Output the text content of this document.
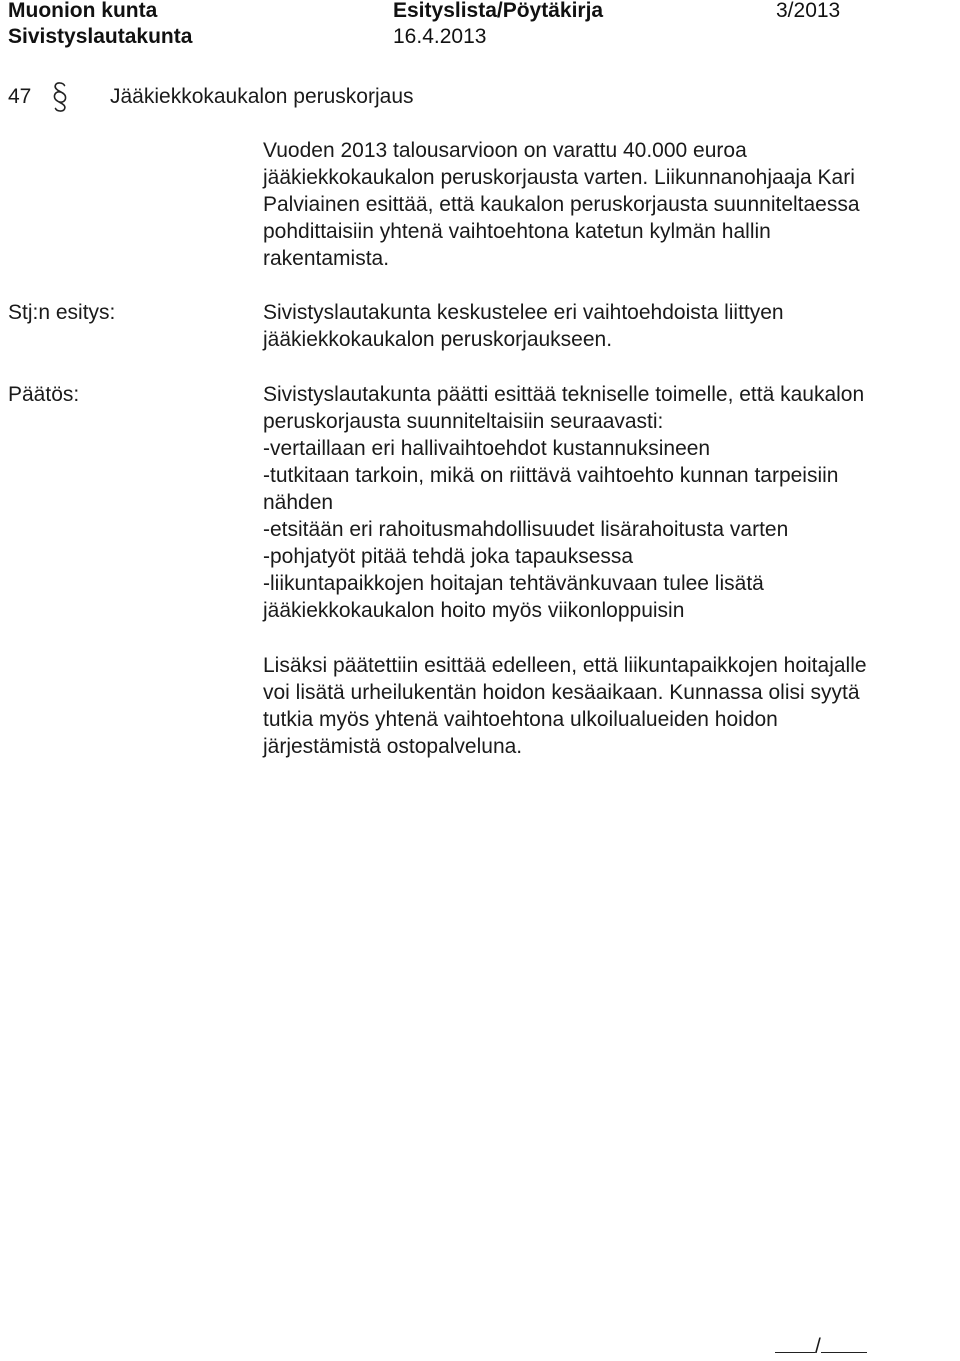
Muonion kunta	Esityslista/Pöytäkirja	3/2013
Sivistyslautakunta	16.4.2013
47	Jääkiekkokaukalon peruskorjaus

Vuoden 2013 talousarvioon on varattu 40.000 euroa

jääkiekkokaukalon peruskorjausta varten. Liikunnanohjaaja Kari

Palviainen esittää, että kaukalon peruskorjausta suunniteltaessa

pohdittaisiin yhtenä vaihtoehtona katetun kylmän hallin

rakentamista.

Stj:n esitys:	Sivistyslautakunta keskustelee eri vaihtoehdoista liittyen

jääkiekkokaukalon peruskorjaukseen.

Päätös:	Sivistyslautakunta päätti esittää tekniselle toimelle, että kaukalon

peruskorjausta suunniteltaisiin seuraavasti:

-vertaillaan eri hallivaihtoehdot kustannuksineen

-tutkitaan tarkoin, mikä on riittävä vaihtoehto kunnan tarpeisiin

nähden

-etsitään eri rahoitusmahdollisuudet lisärahoitusta varten

-pohjatyöt pitää tehdä joka tapauksessa

-liikuntapaikkojen hoitajan tehtävänkuvaan tulee lisätä

jääkiekkokaukalon hoito myös viikonloppuisin

Lisäksi päätettiin esittää edelleen, että liikuntapaikkojen hoitajalle

voi lisätä urheilukentän hoidon kesäaikaan. Kunnassa olisi syytä

tutkia myös yhtenä vaihtoehtona ulkoilualueiden hoidon

järjestämistä ostopalveluna.

/
